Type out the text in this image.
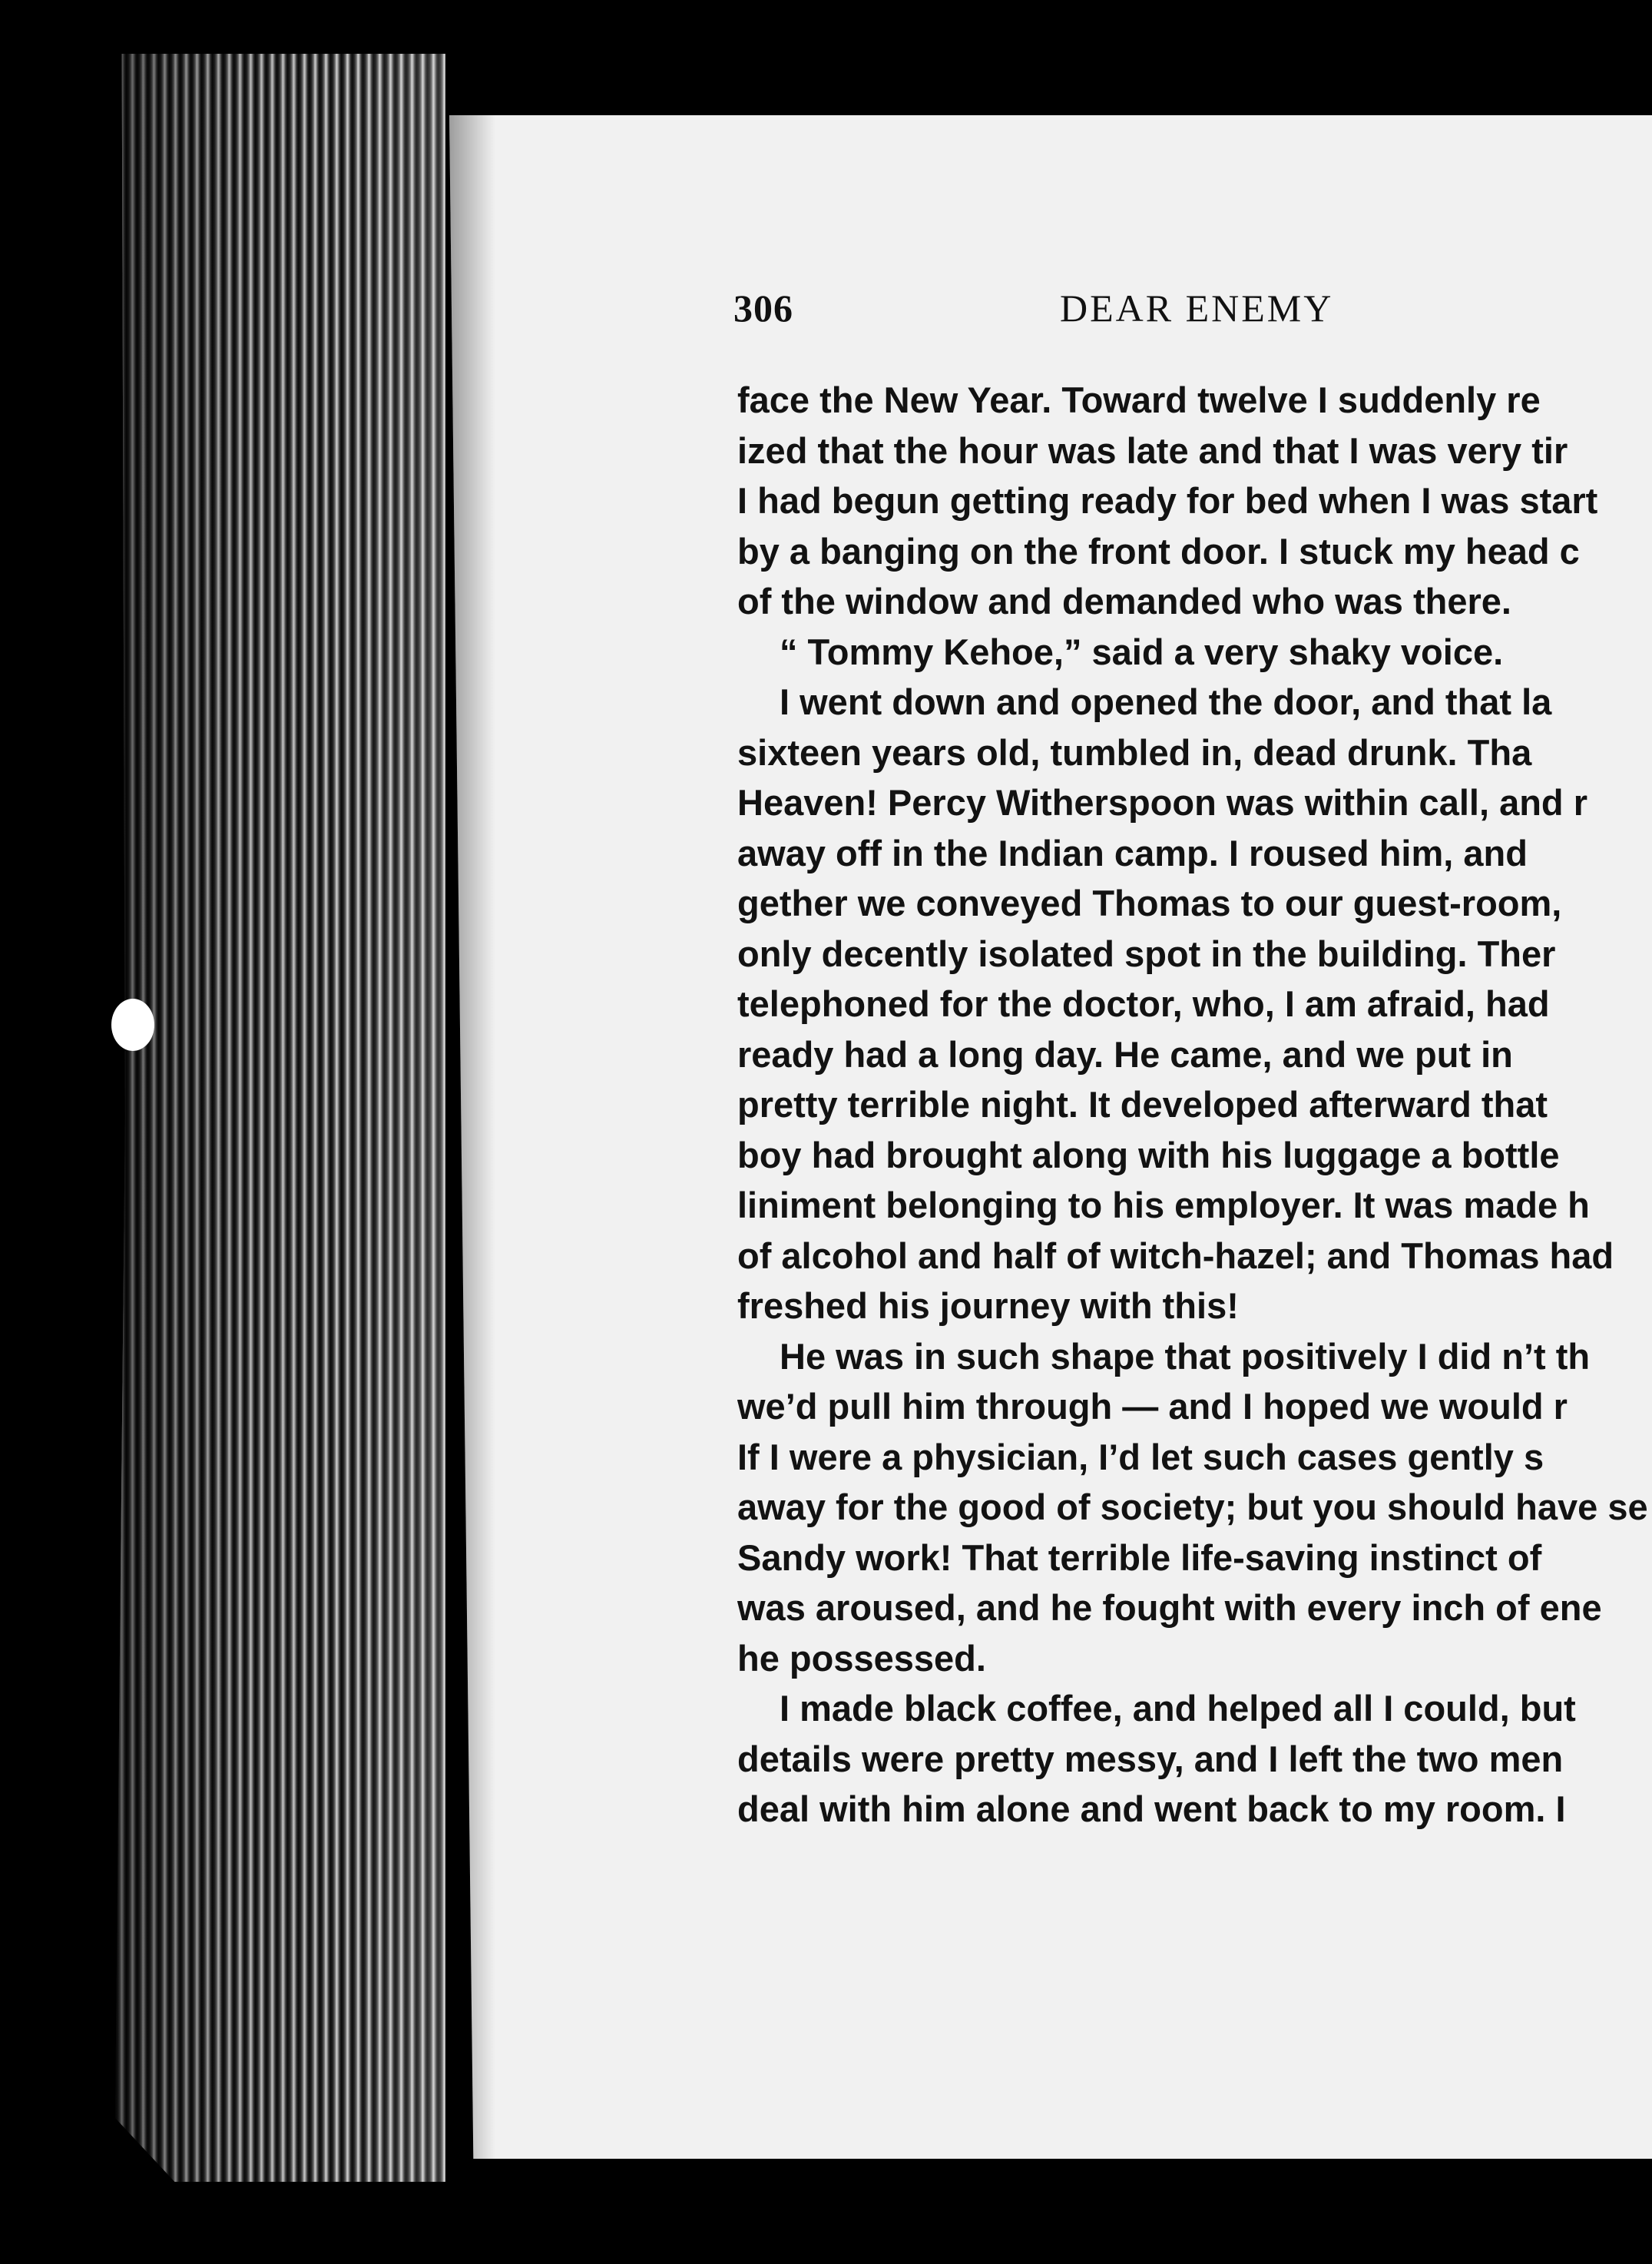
306	DEAR ENEMY
face the New Year. Toward twelve I suddenly re
ized that the hour was late and that I was very tir
I had begun getting ready for bed when I was start
by a banging on the front door. I stuck my head c
of the window and demanded who was there.
“ Tommy Kehoe,” said a very shaky voice.
I went down and opened the door, and that la
sixteen years old, tumbled in, dead drunk. Tha
Heaven! Percy Witherspoon was within call, and r
away off in the Indian camp. I roused him, and
gether we conveyed Thomas to our guest-room,
only decently isolated spot in the building. Ther
telephoned for the doctor, who, I am afraid, had
ready had a long day. He came, and we put in
pretty terrible night. It developed afterward that
boy had brought along with his luggage a bottle
liniment belonging to his employer. It was made h
of alcohol and half of witch-hazel; and Thomas had
freshed his journey with this!
He was in such shape that positively I did n’t th
we’d pull him through — and I hoped we would r
If I were a physician, I’d let such cases gently s
away for the good of society; but you should have se
Sandy work! That terrible life-saving instinct of
was aroused, and he fought with every inch of ene
he possessed.
I made black coffee, and helped all I could, but
details were pretty messy, and I left the two men
deal with him alone and went back to my room. I
